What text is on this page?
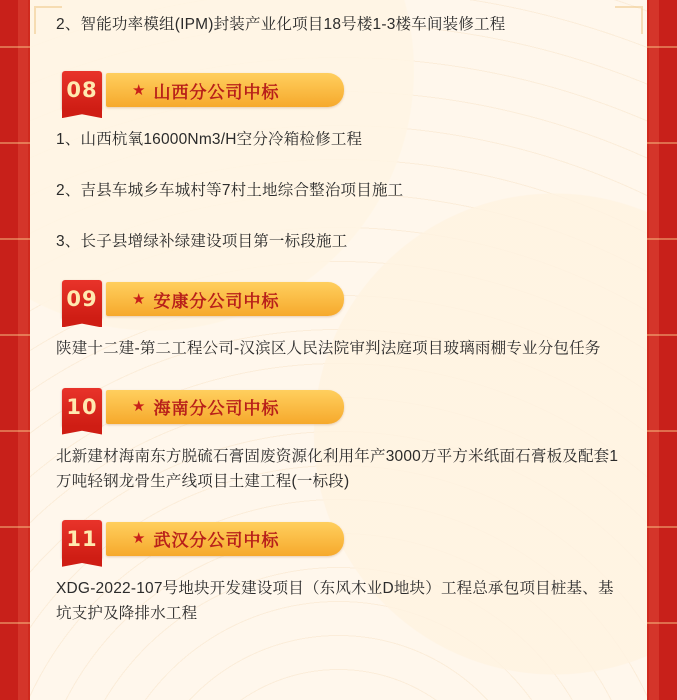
2、智能功率模组(IPM)封装产业化项目18号楼1-3楼车间装修工程

08 ★ 山西分公司中标

1、山西杭氧16000Nm3/H空分冷箱检修工程

2、吉县车城乡车城村等7村土地综合整治项目施工

3、长子县增绿补绿建设项目第一标段施工

09 ★ 安康分公司中标

陕建十二建-第二工程公司-汉滨区人民法院审判法庭项目玻璃雨棚专业分包任务

10 ★ 海南分公司中标

北新建材海南东方脱硫石膏固废资源化利用年产3000万平方米纸面石膏板及配套1万吨轻钢龙骨生产线项目土建工程(一标段)

11 ★ 武汉分公司中标

XDG-2022-107号地块开发建设项目（东风木业D地块）工程总承包项目桩基、基坑支护及降排水工程
